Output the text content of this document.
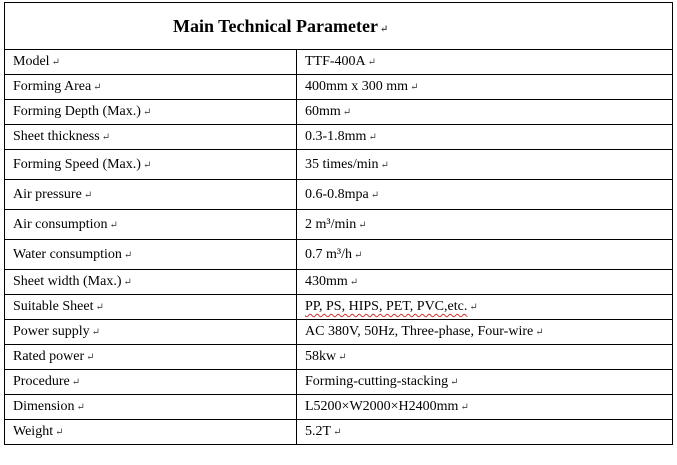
Main Technical Parameter ↵	
Model ↵	TTF-400A ↵
Forming Area ↵	400mm x 300 mm ↵
Forming Depth (Max.) ↵	60mm ↵
Sheet thickness ↵	0.3-1.8mm ↵
Forming Speed (Max.) ↵	35 times/min ↵
Air pressure ↵	0.6-0.8mpa ↵
Air consumption ↵	2 m³/min ↵
Water consumption ↵	0.7 m³/h ↵
Sheet width (Max.) ↵	430mm ↵
Suitable Sheet ↵	PP, PS, HIPS, PET, PVC,etc. ↵
Power supply ↵	AC 380V, 50Hz, Three-phase, Four-wire ↵
Rated power ↵	58kw ↵
Procedure ↵	Forming-cutting-stacking ↵
Dimension ↵	L5200×W2000×H2400mm ↵
Weight ↵	5.2T ↵
